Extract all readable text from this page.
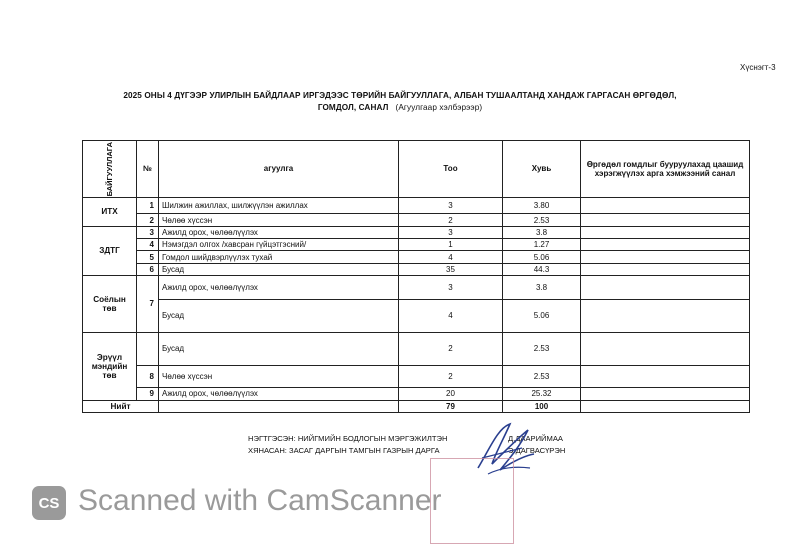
Хүснэгт-3
2025 ОНЫ 4 ДҮГЭЭР УЛИРЛЫН БАЙДЛААР ИРГЭДЭЭС ТӨРИЙН БАЙГУУЛЛАГА, АЛБАН ТУШААЛТАНД ХАНДАЖ ГАРГАСАН ӨРГӨДӨЛ,
ГОМДОЛ, САНАЛ (Агуулгаар хэлбэрээр)
БАЙГУУЛЛАГА	№	агуулга	Тоо	Хувь	Өргөдөл гомдлыг бууруулахад цаашид хэрэгжүүлэх арга хэмжээний санал
ИТХ	1	Шилжин ажиллах, шилжүүлэн ажиллах	3	3.80	
	2	Чөлөө хүссэн	2	2.53	
ЗДТГ	3	Ажилд орох, чөлөөлүүлэх	3	3.8	
	4	Нэмэгдэл олгох /хавсран гүйцэтгэсний/	1	1.27	
	5	Гомдол шийдвэрлүүлэх тухай	4	5.06	
	6	Бусад	35	44.3	
Соёлын төв	7	Ажилд орох, чөлөөлүүлэх	3	3.8	
		Бусад	4	5.06	
Эрүүл мэндийн төв		Бусад	2	2.53	
	8	Чөлөө хүссэн	2	2.53	
	9	Ажилд орох, чөлөөлүүлэх	20	25.32	
Нийт			79	100	
НЭГТГЭСЭН: НИЙГМИЙН БОДЛОГЫН МЭРГЭЖИЛТЭН
ХЯНАСАН: ЗАСАГ ДАРГЫН ТАМГЫН ГАЗРЫН ДАРГА
Д.ДААРИЙМАА
Э.ДАГВАСҮРЭН
CS Scanned with CamScanner
